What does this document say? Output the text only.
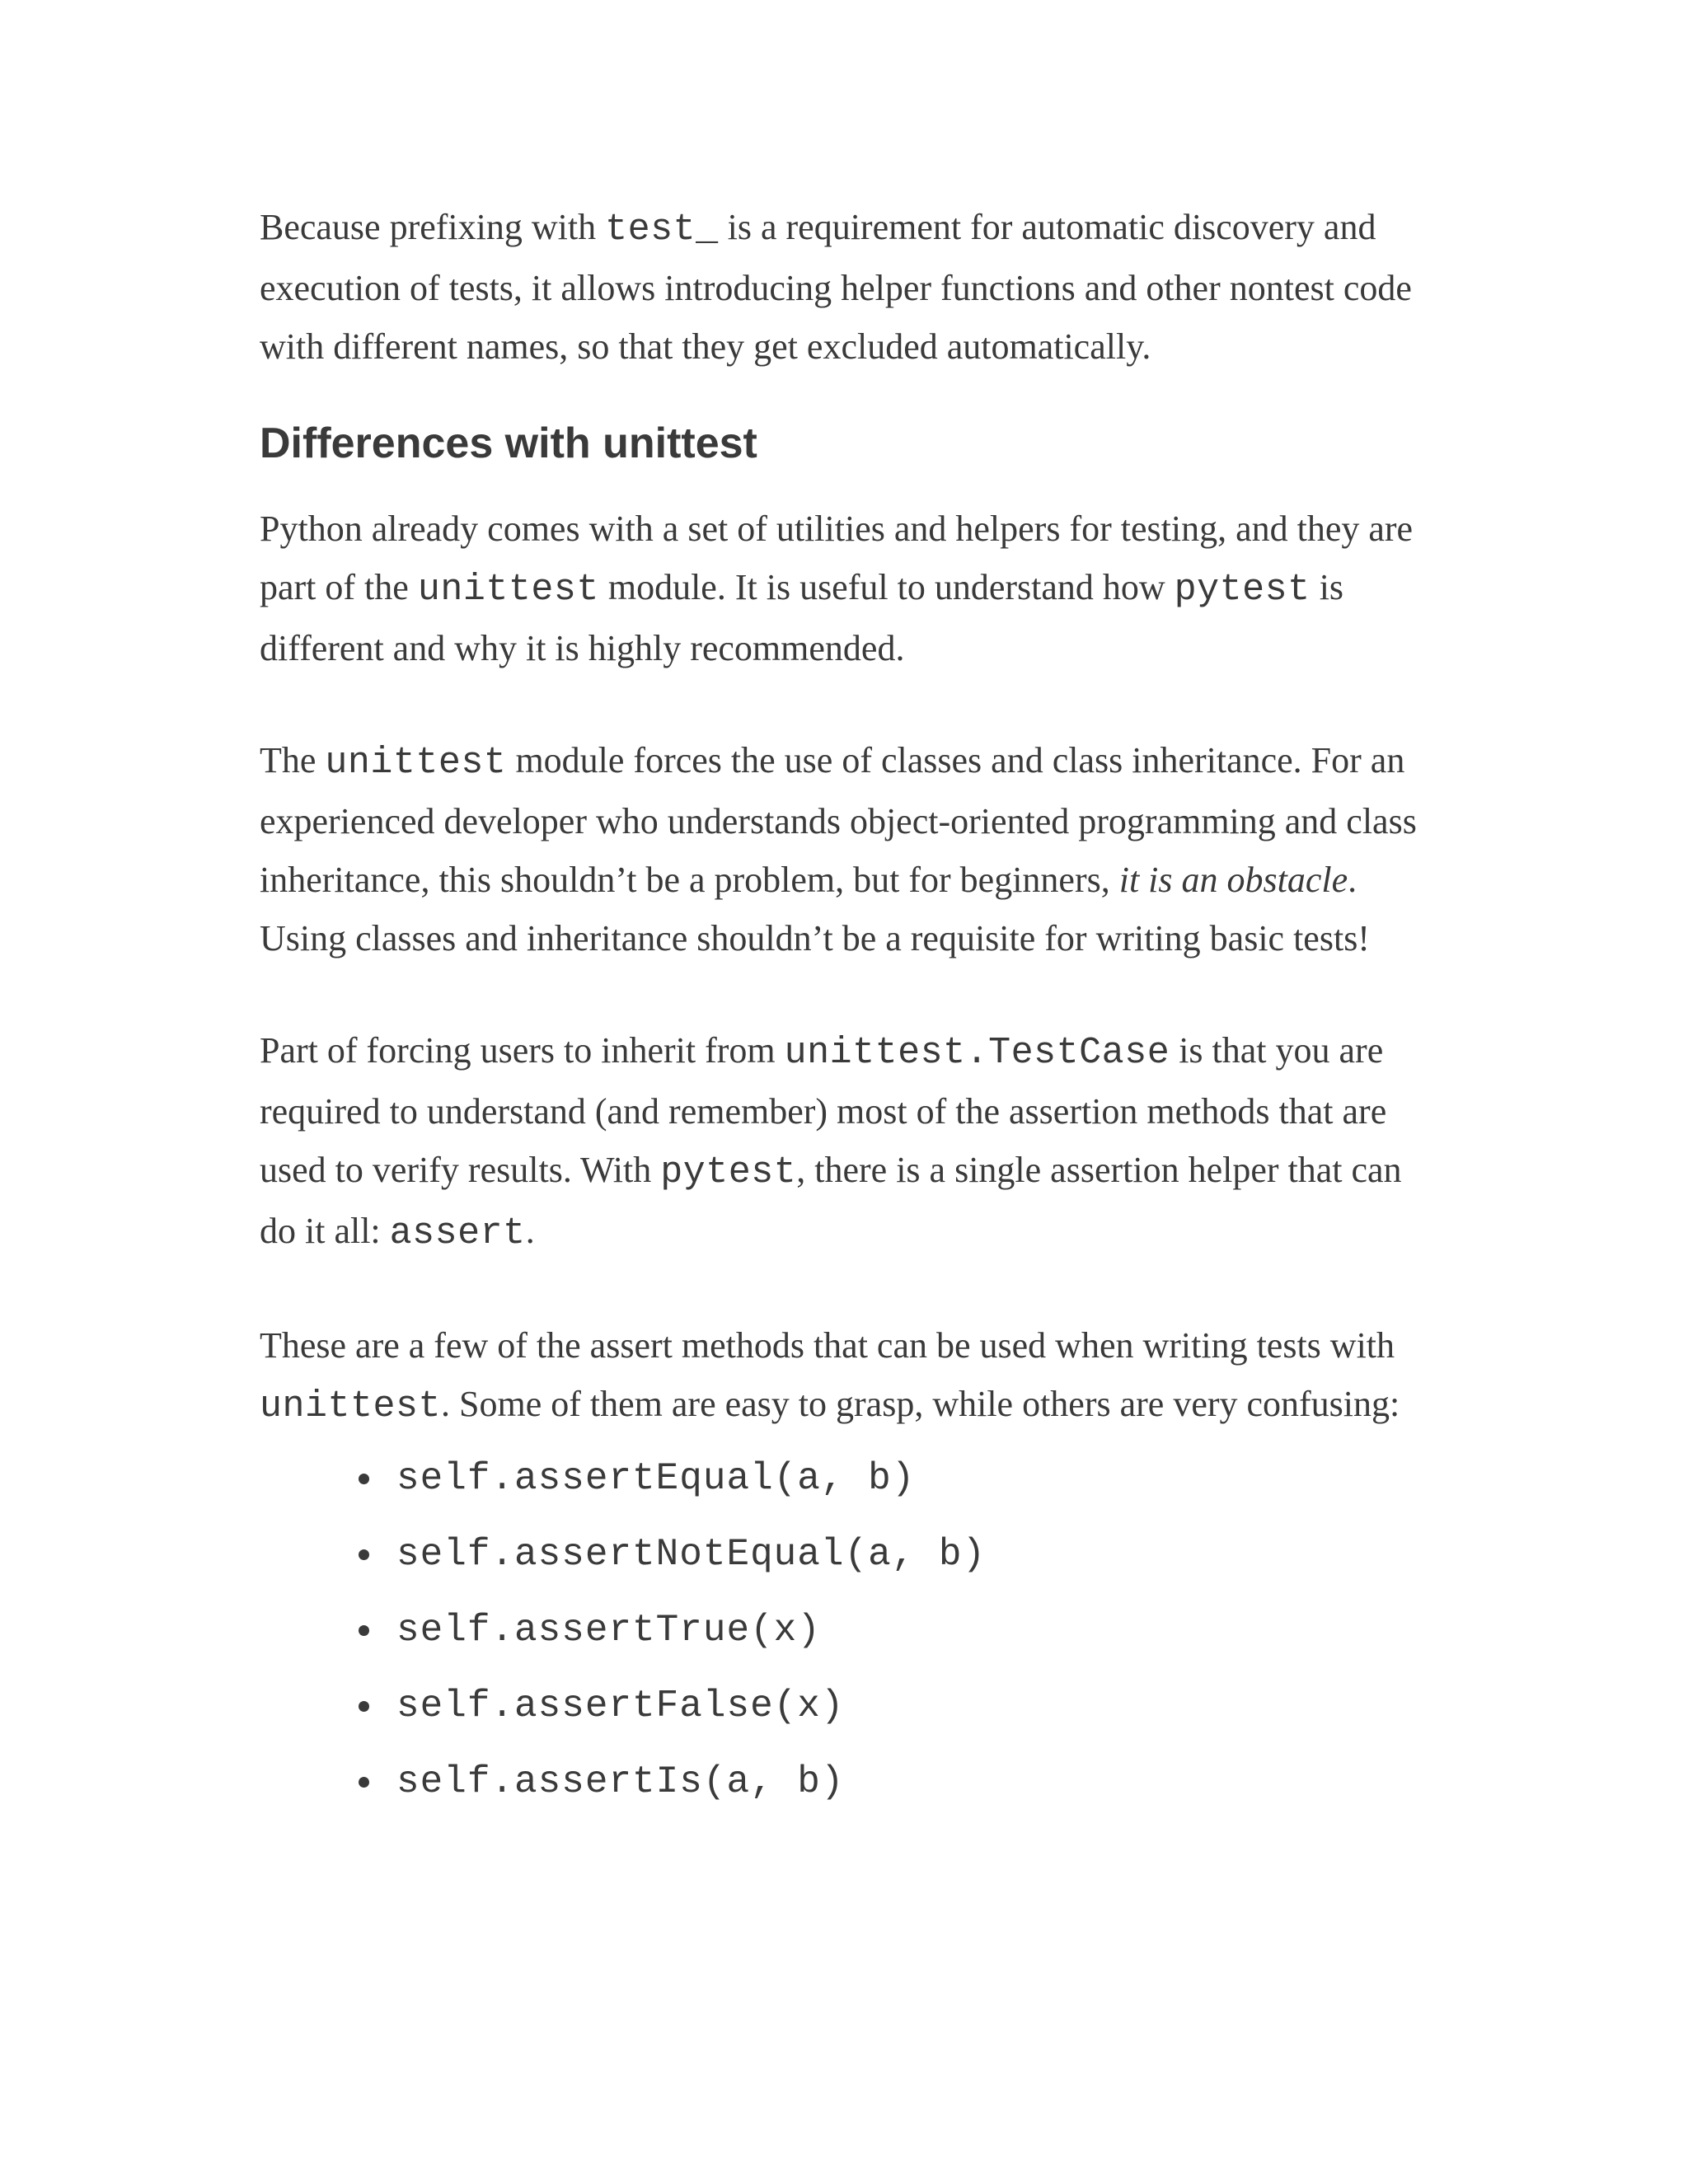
Because prefixing with test_ is a requirement for automatic discovery and execution of tests, it allows introducing helper functions and other nontest code with different names, so that they get excluded automatically.

Differences with unittest

Python already comes with a set of utilities and helpers for testing, and they are part of the unittest module. It is useful to understand how pytest is different and why it is highly recommended.

The unittest module forces the use of classes and class inheritance. For an experienced developer who understands object-oriented programming and class inheritance, this shouldn’t be a problem, but for beginners, it is an obstacle. Using classes and inheritance shouldn’t be a requisite for writing basic tests!

Part of forcing users to inherit from unittest.TestCase is that you are required to understand (and remember) most of the assertion methods that are used to verify results. With pytest, there is a single assertion helper that can do it all: assert.

These are a few of the assert methods that can be used when writing tests with unittest. Some of them are easy to grasp, while others are very confusing:

self.assertEqual(a, b)
self.assertNotEqual(a, b)
self.assertTrue(x)
self.assertFalse(x)
self.assertIs(a, b)
